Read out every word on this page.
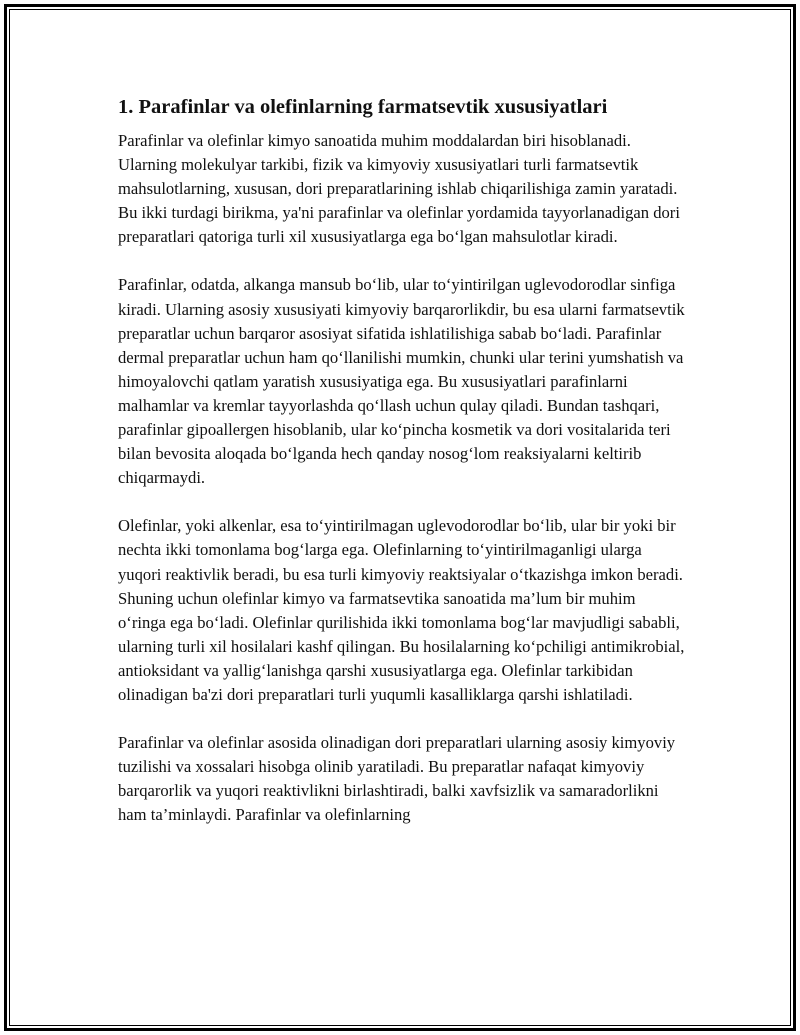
1. Parafinlar va olefinlarning farmatsevtik xususiyatlari

Parafinlar va olefinlar kimyo sanoatida muhim moddalardan biri hisoblanadi. Ularning molekulyar tarkibi, fizik va kimyoviy xususiyatlari turli farmatsevtik mahsulotlarning, xususan, dori preparatlarining ishlab chiqarilishiga zamin yaratadi. Bu ikki turdagi birikma, ya'ni parafinlar va olefinlar yordamida tayyorlanadigan dori preparatlari qatoriga turli xil xususiyatlarga ega bo‘lgan mahsulotlar kiradi.

Parafinlar, odatda, alkanga mansub bo‘lib, ular to‘yintirilgan uglevodorodlar sinfiga kiradi. Ularning asosiy xususiyati kimyoviy barqarorlikdir, bu esa ularni farmatsevtik preparatlar uchun barqaror asosiyat sifatida ishlatilishiga sabab bo‘ladi. Parafinlar dermal preparatlar uchun ham qo‘llanilishi mumkin, chunki ular terini yumshatish va himoyalovchi qatlam yaratish xususiyatiga ega. Bu xususiyatlari parafinlarni malhamlar va kremlar tayyorlashda qo‘llash uchun qulay qiladi. Bundan tashqari, parafinlar gipoallergen hisoblanib, ular ko‘pincha kosmetik va dori vositalarida teri bilan bevosita aloqada bo‘lganda hech qanday nosog‘lom reaksiyalarni keltirib chiqarmaydi.

Olefinlar, yoki alkenlar, esa to‘yintirilmagan uglevodorodlar bo‘lib, ular bir yoki bir nechta ikki tomonlama bog‘larga ega. Olefinlarning to‘yintirilmaganligi ularga yuqori reaktivlik beradi, bu esa turli kimyoviy reaktsiyalar o‘tkazishga imkon beradi. Shuning uchun olefinlar kimyo va farmatsevtika sanoatida ma’lum bir muhim o‘ringa ega bo‘ladi. Olefinlar qurilishida ikki tomonlama bog‘lar mavjudligi sababli, ularning turli xil hosilalari kashf qilingan. Bu hosilalarning ko‘pchiligi antimikrobial, antioksidant va yallig‘lanishga qarshi xususiyatlarga ega. Olefinlar tarkibidan olinadigan ba'zi dori preparatlari turli yuqumli kasalliklarga qarshi ishlatiladi.

Parafinlar va olefinlar asosida olinadigan dori preparatlari ularning asosiy kimyoviy tuzilishi va xossalari hisobga olinib yaratiladi. Bu preparatlar nafaqat kimyoviy barqarorlik va yuqori reaktivlikni birlashtiradi, balki xavfsizlik va samaradorlikni ham ta’minlaydi. Parafinlar va olefinlarning
